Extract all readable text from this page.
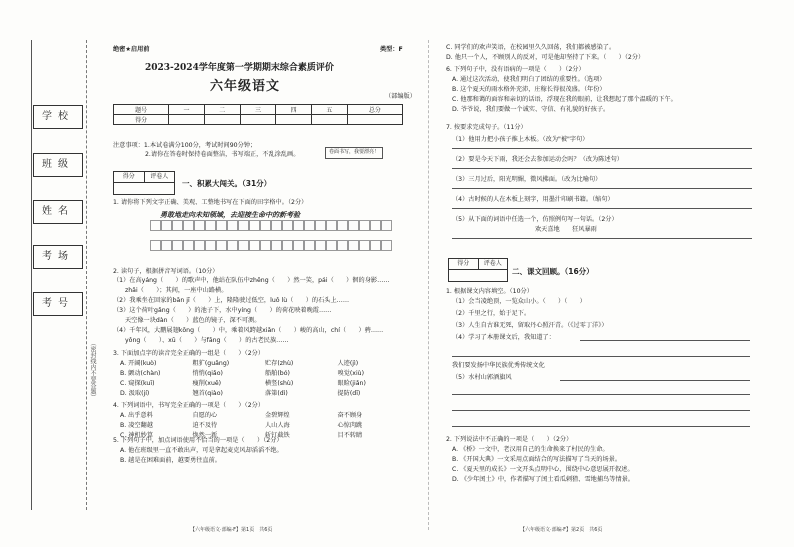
学校
班级
姓名
考场
考号
（密封线内不要答题）
绝密★启用前	类型：F
2023-2024学年度第一学期期末综合素质评价
六年级语文
（部编版）
题号	一	二	三	四	五	总分
得分						
注意事项：1.本试卷满分100分，考试时间90分钟；
2.请你在答卷时保持卷面整洁，书写端正，不乱涂乱画。	卷面书写，我要漂亮！
得分	评卷人
一、积累大闯关。（31分）
1. 请你将下列文字正确、美观、工整地书写在下面的田字格中。（2分）
勇敢地走向未知领域，去迎接生命中的新考验
2. 读句子，根据拼音写词语。（10分）
（1）在高yáng（　　）的歌声中，他站在队伍中zhēng（　　）然一笑，pái（　　）徊的身影……
zhǎi（　　）；其间，一座中山路横。
（2）我乘坐在回家的bān jī（　　）上，隆隆驶过低空，luǒ lù（　　）的石头上……
（3）这个荷叶gǎng（　　）的池子下，水中yíng（　　）的荷花映着晚霞……
天空像一块dàn（　　）蓝色的镜子，深不可测。
（4）千年风，大鹏展翅kōng（　　）中，乘着风跨越xiǎn（　　）峻的高山，chí（　　）骋……
yǒng（　　）、xū（　　）与fāng（　　）的古老民族……
3. 下面加点字的读音完全正确的一组是（　　）（2分）
A. 开阔(kuò)	粗犷(guǎng)	贮存(zhù)	人迹(jì)
B. 颤动(chàn)	悄悄(qiǎo)	船舶(bó)	嗅觉(xiù)
C. 窥探(kuī)	瘦削(xuē)	横竖(shù)	眼睑(jiǎn)
D. 汲取(jí)	翘首(qiào)	落第(dì)	提防(dī)
4. 下列词语中，书写完全正确的一项是（　　）（2分）
A. 出乎意料	自愿的心	金碧辉煌	奋不顾身
B. 凌空翻越	迫不及待	人山人海	心惊肉跳
C. 神机妙算	焕然一新	斩钉截铁	目不转睛
5. 下列句子中，加点词语使用不恰当的一项是（　　）（2分）
A. 他在班级里一直不敢出声，可是拿起麦克风却滔滔不绝。
B. 越是在困难面前，越要勇往直前。
【六年级语文·部编·F】第1页　共6页
C. 同学们的欢声笑语，在校园里久久回荡，我们都被感染了。
D. 他只一个人，不顾别人的反对，可是他却坚持了下来。（　　）（2分）
6. 下列句子中，没有语病的一项是（　　）（2分）
A. 通过这次活动，使我们明白了团结的重要性。（选项）
B. 这个夏天的雨水格外充沛，庄稼长得很茂盛。（年份）
C. 他那和蔼的面容和亲切的话语，浮现在我的眼前，让我想起了那个温暖的下午。
D. 爷爷说，我们要做一个诚实、守信、有礼貌的好孩子。
7. 按要求完成句子。（11分）
（1）他用力把小孩子推上木板。（改为"被"字句）
（2）要是今天下雨，我还会去参加运动会吗？（改为陈述句）
（3）三月过后，阳光明媚，微风拂面。（改为比喻句）
（4）古时候的人在木板上刻字，用墨汁印刷书籍。（缩句）
（5）从下面的词语中任选一个，仿照例句写一句话。（2分）
欢天喜地　　狂风暴雨
得分	评卷人
二、课文回顾。（16分）
1. 根据课文内容填空。（10分）
（1）会当凌绝顶，一览众山小。（　　）（　　）
（2）千里之行，始于足下。
（3）人生自古谁无死，留取丹心照汗青。（《过零丁洋》）
（4）学习了本册课文后，我知道了：
我们要发扬中华民族优秀传统文化
（5）水村山郭酒旗风
2. 下列说法中不正确的一项是（　　）（2分）
A. 《桥》一文中，老汉用自己的生命换来了村民的生命。
B. 《开国大典》一文采用点面结合的写法描写了当天的场景。
C. 《夏天里的成长》一文开头点明中心，围绕中心意思展开叙述。
D. 《少年闰土》中，作者描写了闰土看瓜刺猹、雪地捕鸟等情景。
【六年级语文·部编·F】第2页　共6页
